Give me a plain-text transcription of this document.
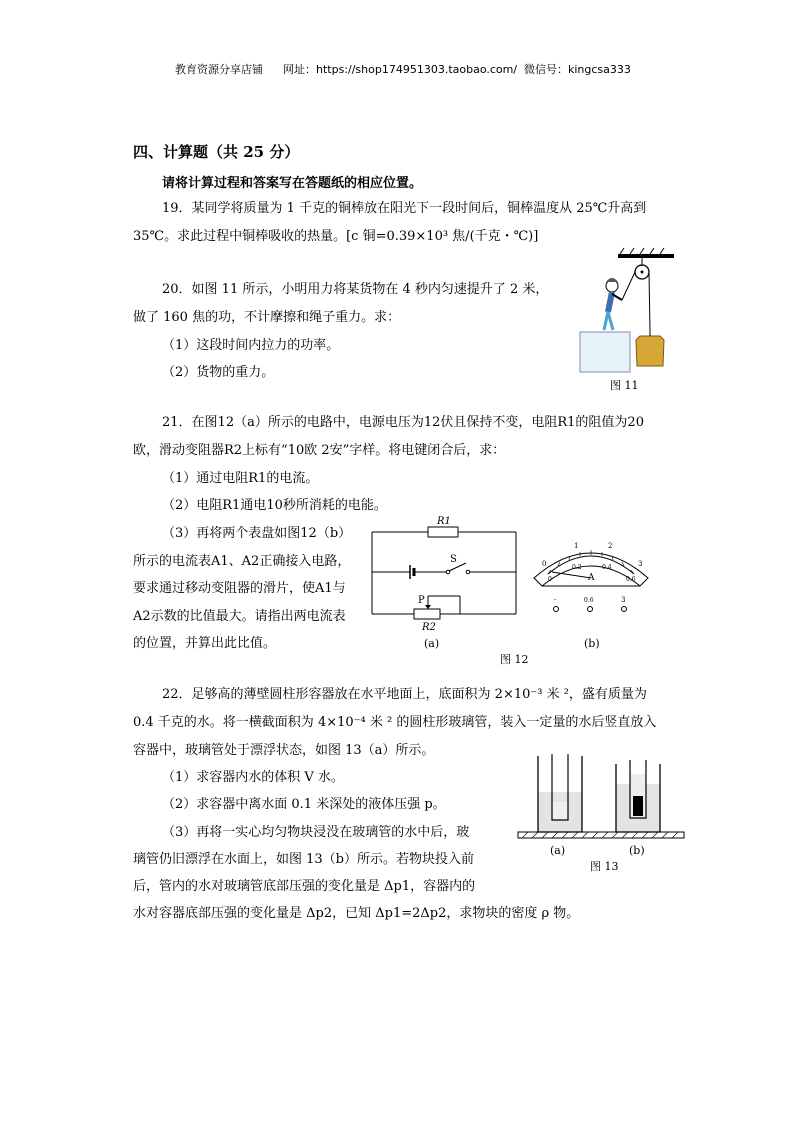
教育资源分享店铺 网址：https://shop174951303.taobao.com/ 微信号：kingcsa333
四、计算题（共 25 分）
请将计算过程和答案写在答题纸的相应位置。
19．某同学将质量为 1 千克的铜棒放在阳光下一段时间后，铜棒温度从 25℃升高到
35℃。求此过程中铜棒吸收的热量。[c 铜=0.39×10³ 焦/(千克・℃)]
20．如图 11 所示，小明用力将某货物在 4 秒内匀速提升了 2 米，
做了 160 焦的功，不计摩擦和绳子重力。求：
（1）这段时间内拉力的功率。
（2）货物的重力。
图 11
21．在图12（a）所示的电路中，电源电压为12伏且保持不变，电阻R1的阻值为20
欧，滑动变阻器R2上标有“10欧 2安”字样。将电键闭合后，求：
（1）通过电阻R1的电流。
（2）电阻R1通电10秒所消耗的电能。
（3）再将两个表盘如图12（b）
所示的电流表A1、A2正确接入电路，
要求通过移动变阻器的滑片，使A1与
A2示数的比值最大。请指出两电流表
的位置，并算出此比值。
R1
S
P
R2
(a)
0
1	2
3
0
0.2	0.4
0.6
A
-	0.6	3
(b)
图 12
22．足够高的薄壁圆柱形容器放在水平地面上，底面积为 2×10⁻³ 米 ²，盛有质量为
0.4 千克的水。将一横截面积为 4×10⁻⁴ 米 ² 的圆柱形玻璃管，装入一定量的水后竖直放入
容器中，玻璃管处于漂浮状态，如图 13（a）所示。
（1）求容器内水的体积 V 水。
（2）求容器中离水面 0.1 米深处的液体压强 p。
（3）再将一实心均匀物块浸没在玻璃管的水中后，玻
璃管仍旧漂浮在水面上，如图 13（b）所示。若物块投入前
后，管内的水对玻璃管底部压强的变化量是 Δp1，容器内的
水对容器底部压强的变化量是 Δp2，已知 Δp1=2Δp2，求物块的密度 ρ 物。
(a)	(b)
图 13
